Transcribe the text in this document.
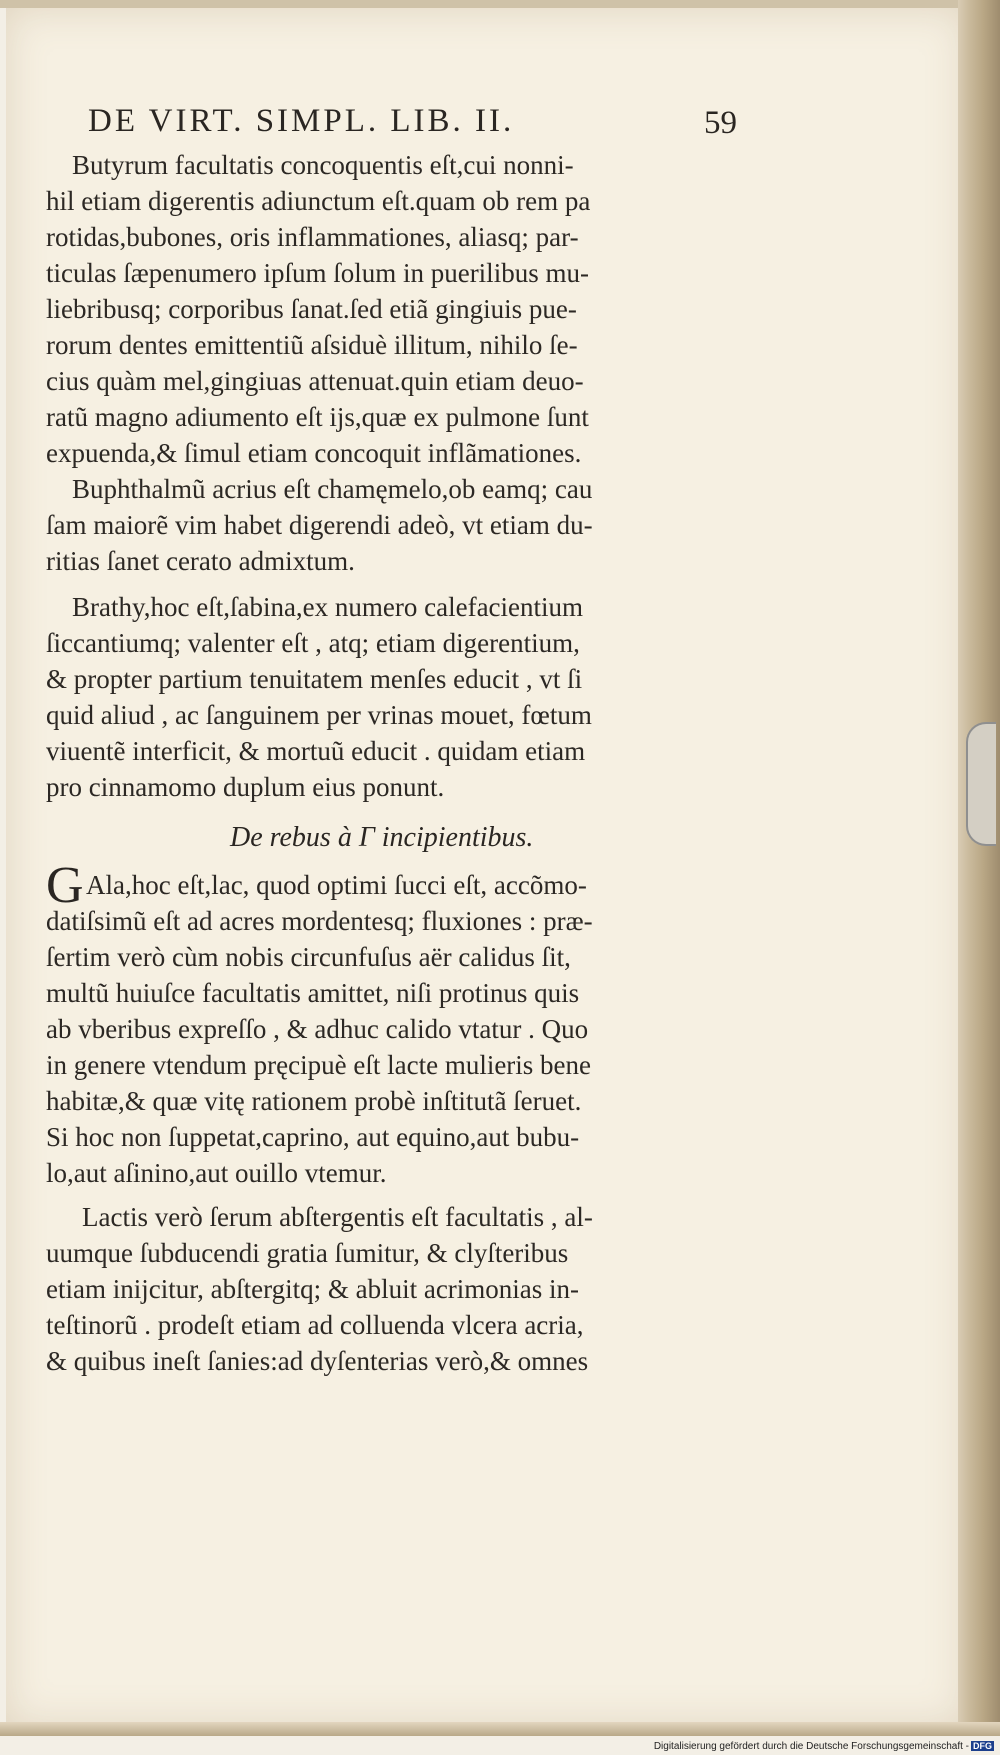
DE VIRT. SIMPL. LIB. II.	59
Butyrum facultatis concoquentis eſt,cui nonni-
hil etiam digerentis adiunctum eſt.quam ob rem pa
rotidas,bubones, oris inflammationes, aliasq; par-
ticulas ſæpenumero ipſum ſolum in puerilibus mu-
liebribusq; corporibus ſanat.ſed etiã gingiuis pue-
rorum dentes emittentiũ aſsiduè illitum, nihilo ſe-
cius quàm mel,gingiuas attenuat.quin etiam deuo-
ratũ magno adiumento eſt ijs,quæ ex pulmone ſunt
expuenda,& ſimul etiam concoquit inflãmationes.
Buphthalmũ acrius eſt chamęmelo,ob eamq; cau
ſam maiorẽ vim habet digerendi adeò, vt etiam du-
ritias ſanet cerato admixtum.
Brathy,hoc eſt,ſabina,ex numero calefacientium
ſiccantiumq; valenter eſt , atq; etiam digerentium,
& propter partium tenuitatem menſes educit , vt ſi
quid aliud , ac ſanguinem per vrinas mouet, fœtum
viuentẽ interficit, & mortuũ educit . quidam etiam
pro cinnamomo duplum eius ponunt.
De rebus à Γ incipientibus.
G Ala,hoc eſt,lac, quod optimi ſucci eſt, accõmo-
datiſsimũ eſt ad acres mordentesq; fluxiones : præ-
ſertim verò cùm nobis circunfuſus aër calidus ſit,
multũ huiuſce facultatis amittet, niſi protinus quis
ab vberibus expreſſo , & adhuc calido vtatur . Quo
in genere vtendum pręcipuè eſt lacte mulieris bene
habitæ,& quæ vitę rationem probè inſtitutã ſeruet.
Si hoc non ſuppetat,caprino, aut equino,aut bubu-
lo,aut aſinino,aut ouillo vtemur.
Lactis verò ſerum abſtergentis eſt facultatis , al-
uumque ſubducendi gratia ſumitur, & clyſteribus
etiam inijcitur, abſtergitq; & abluit acrimonias in-
teſtinorũ . prodeſt etiam ad colluenda vlcera acria,
& quibus ineſt ſanies:ad dyſenterias verò,& omnes
Digitalisierung gefördert durch die Deutsche Forschungsgemeinschaft - DFG
